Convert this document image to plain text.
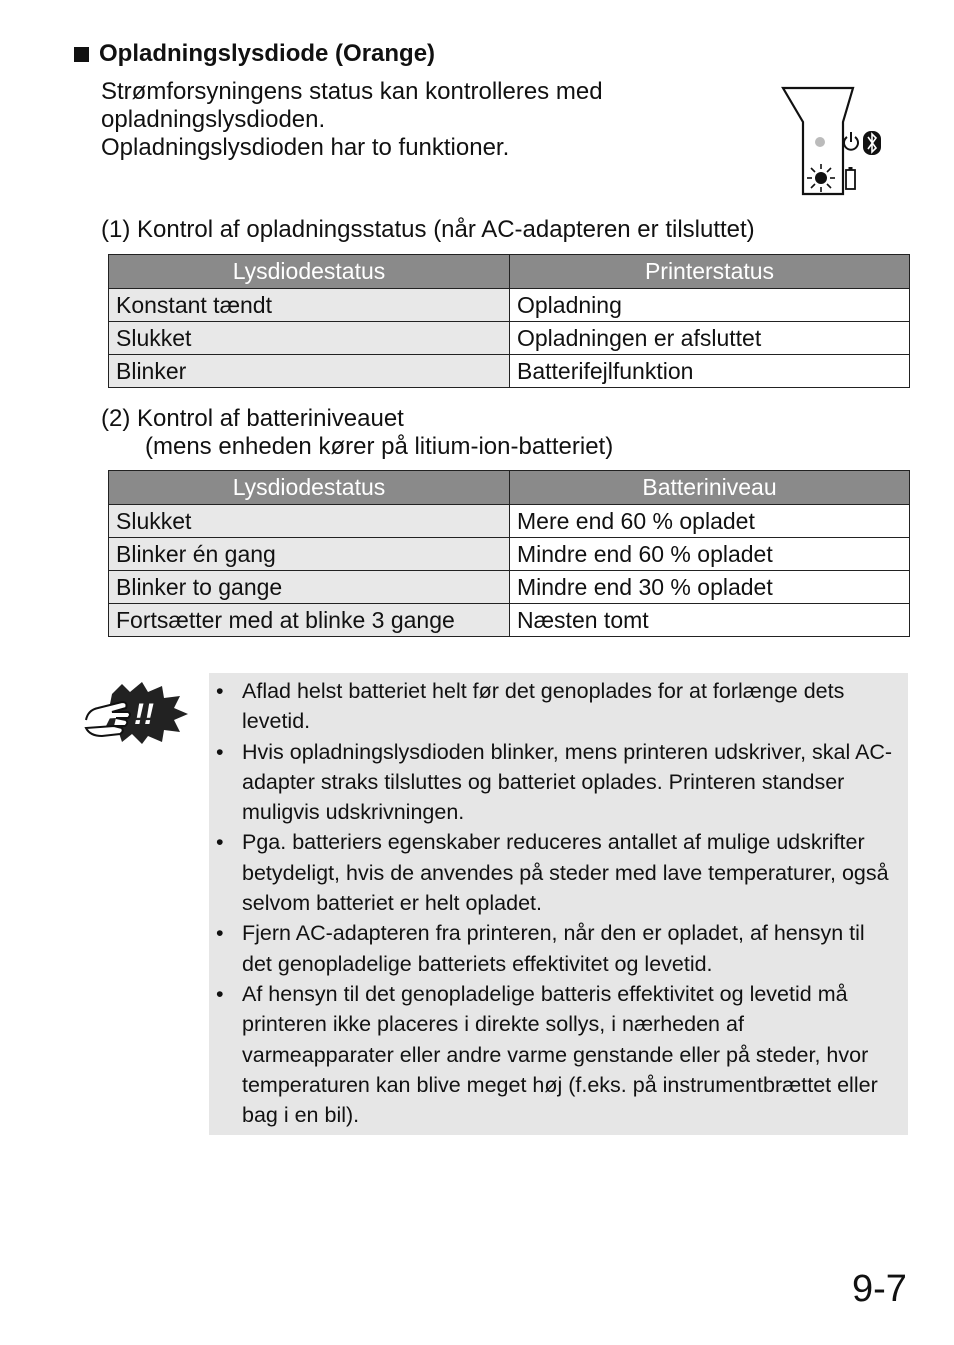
Opladningslysdiode (Orange)
Strømforsyningens status kan kontrolleres med
opladningslysdioden.
Opladningslysdioden har to funktioner.
(1) Kontrol af opladningsstatus (når AC-adapteren er tilsluttet)
Lysdiodestatus	Printerstatus
Konstant tændt	Opladning
Slukket	Opladningen er afsluttet
Blinker	Batterifejlfunktion
(2) Kontrol af batteriniveauet
(mens enheden kører på litium-ion-batteriet)
Lysdiodestatus	Batteriniveau
Slukket	Mere end 60 % opladet
Blinker én gang	Mindre end 60 % opladet
Blinker to gange	Mindre end 30 % opladet
Fortsætter med at blinke 3 gange	Næsten tomt
!!
• Aflad helst batteriet helt før det genoplades for at forlænge dets levetid.
• Hvis opladningslysdioden blinker, mens printeren udskriver, skal AC-adapter straks tilsluttes og batteriet oplades. Printeren standser muligvis udskrivningen.
• Pga. batteriers egenskaber reduceres antallet af mulige udskrifter betydeligt, hvis de anvendes på steder med lave temperaturer, også selvom batteriet er helt opladet.
• Fjern AC-adapteren fra printeren, når den er opladet, af hensyn til det genopladelige batteriets effektivitet og levetid.
• Af hensyn til det genopladelige batteris effektivitet og levetid må printeren ikke placeres i direkte sollys, i nærheden af varmeapparater eller andre varme genstande eller på steder, hvor temperaturen kan blive meget høj (f.eks. på instrumentbrættet eller bag i en bil).
9-7
